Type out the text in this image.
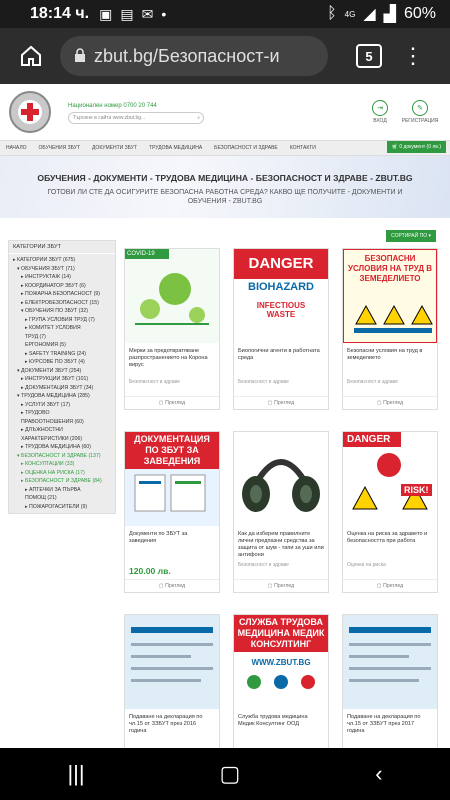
18:14 ч. ▣ ▤ ✉ •	ᛒ 4G ◢ ▟ 60%
zbut.bg/Безопасност-и	5	⋮
Национален номер 0700 20 744
Търсене в сайта www.zbut.bg...	⌕
⇥
ВХОД
✎
РЕГИСТРАЦИЯ
НАЧАЛО ОБУЧЕНИЯ ЗБУТ ДОКУМЕНТИ ЗБУТ ТРУДОВА МЕДИЦИНА БЕЗОПАСНОСТ И ЗДРАВЕ КОНТАКТИ	🛒︎ 0 документ (0 лв.)
ОБУЧЕНИЯ - ДОКУМЕНТИ - ТРУДОВА МЕДИЦИНА - БЕЗОПАСНОСТ И ЗДРАВЕ - ZBUT.BG
ГОТОВИ ЛИ СТЕ ДА ОСИГУРИТЕ БЕЗОПАСНА РАБОТНА СРЕДА? КАКВО ЩЕ ПОЛУЧИТЕ - ДОКУМЕНТИ И ОБУЧЕНИЯ - ZBUT.BG
СОРТИРАЙ ПО ▾
КАТЕГОРИИ ЗБУТ
▸ КАТЕГОРИИ ЗБУТ (675)
▾ ОБУЧЕНИЯ ЗБУТ (71)
▸ ИНСТРУКТАЖ (14)
▸ КООРДИНАТОР ЗБУТ (6)
▸ ПОЖАРНА БЕЗОПАСНОСТ (9)
▸ ЕЛЕКТРОБЕЗОПАСНОСТ (15)
▾ ОБУЧЕНИЯ ПО ЗБУТ (32)
▸ ГРУПА УСЛОВИЯ ТРУД (7)
▸ КОМИТЕТ УСЛОВИЯ
ТРУД (7)
ЕРГОНОМИЯ (5)
▸ SAFETY TRAINING (24)
▸ КУРСОВЕ ПО ЗБУТ (4)
▾ ДОКУМЕНТИ ЗБУТ (254)
▸ ИНСТРУКЦИИ ЗБУТ (101)
▸ ДОКУМЕНТАЦИЯ ЗБУТ (34)
▾ ТРУДОВА МЕДИЦИНА (285)
▸ УСЛУГИ ЗБУТ (17)
▸ ТРУДОВО
ПРАВООТНОШЕНИЯ (60)
▸ ДЛЪЖНОСТНИ
ХАРАКТЕРИСТИКИ (206)
▸ ТРУДОВА МЕДИЦИНА (60)
▾ БЕЗОПАСНОСТ И ЗДРАВЕ (137)
▸ КОНСУЛТАЦИИ (33)
▸ ОЦЕНКА НА РИСКА (17)
▸ БЕЗОПАСНОСТ И ЗДРАВЕ (84)
▸ АПТЕЧКИ ЗА ПЪРВА
ПОМОЩ (21)
▸ ПОЖАРОГАСИТЕЛИ (9)
COVID-19
Мерки за предотвратяване разпространението на Корона вирус
Безопасност и здраве
▢ Преглед
DANGER
BIOHAZARD
INFECTIOUS
WASTE
Биологични агенти в работната среда
Безопасност и здраве
▢ Преглед
БЕЗОПАСНИ УСЛОВИЯ НА ТРУД В ЗЕМЕДЕЛИЕТО
Безопасни условия на труд в земеделието
Безопасност и здраве
▢ Преглед
ДОКУМЕНТАЦИЯ ПО ЗБУТ ЗА ЗАВЕДЕНИЯ
Документи по ЗБУТ за заведения
120.00 лв.
▢ Преглед
Как да изберем правилните лични предпазни средства за защита от шум - тапи за уши или антифони
Безопасност и здраве
▢ Преглед
DANGER
RISK!
Оценка на риска за здравето и безопасността при работа
Оценка на риска
▢ Преглед
Подаване на декларация по чл.15 от ЗЗБУТ през 2016 година
СЛУЖБА ТРУДОВА МЕДИЦИНА МЕДИК КОНСУЛТИНГ
WWW.ZBUT.BG
Служба трудова медицина Медик Консултинг ООД
Подаване на декларация по чл.15 от ЗЗБУТ през 2017 година
|||	▢	‹
